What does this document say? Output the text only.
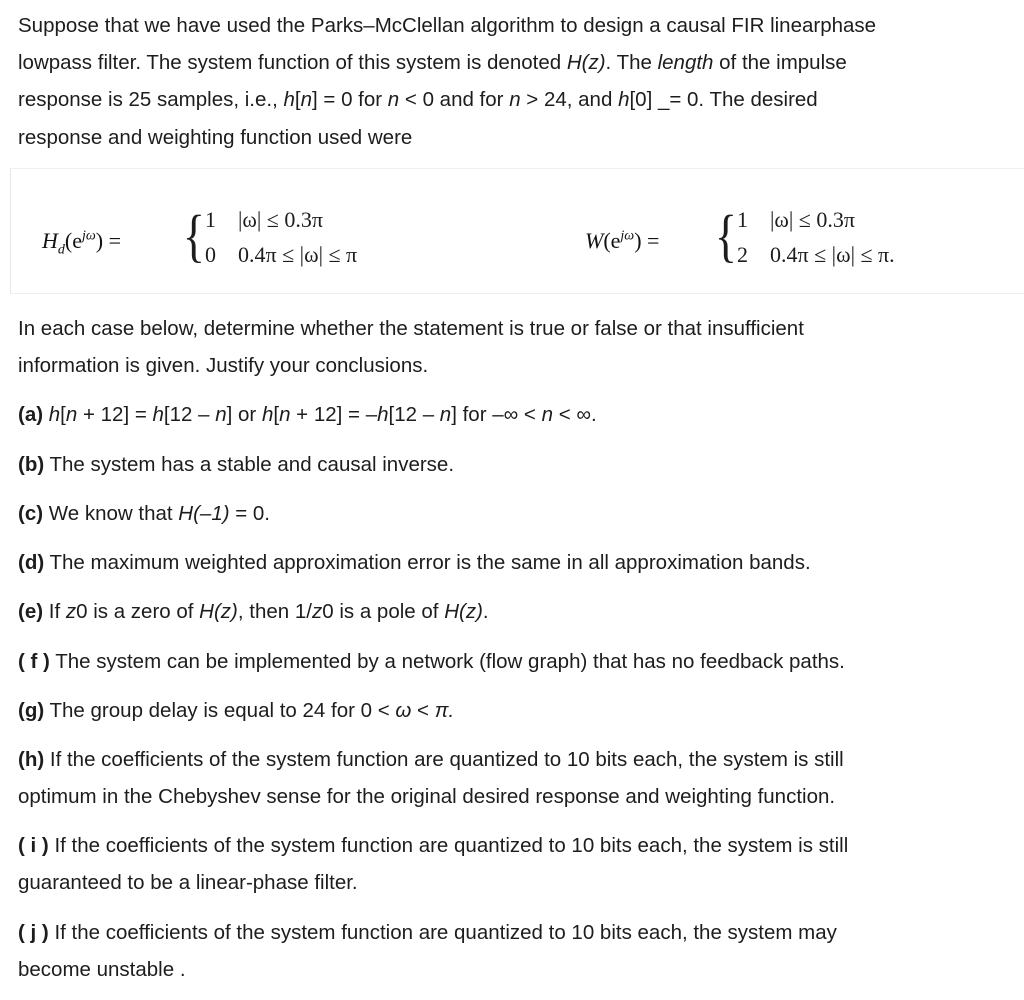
Suppose that we have used the Parks–McClellan algorithm to design a causal FIR linearphase
lowpass filter. The system function of this system is denoted H(z). The length of the impulse
response is 25 samples, i.e., h[n] = 0 for n < 0 and for n > 24, and h[0] _= 0. The desired
response and weighting function used were
$H_d(e^{j\omega})$ = { 1 |ω| ≤ 0.3π
0 0.4π ≤ |ω| ≤ π
$W(e^{j\omega})$ = { 1 |ω| ≤ 0.3π
2 0.4π ≤ |ω| ≤ π.
In each case below, determine whether the statement is true or false or that insufficient
information is given. Justify your conclusions.
(a) h[n + 12] = h[12 – n] or h[n + 12] = –h[12 – n] for –∞ < n < ∞.
(b) The system has a stable and causal inverse.
(c) We know that H(–1) = 0.
(d) The maximum weighted approximation error is the same in all approximation bands.
(e) If z0 is a zero of H(z), then 1/z0 is a pole of H(z).
( f ) The system can be implemented by a network (flow graph) that has no feedback paths.
(g) The group delay is equal to 24 for 0 < ω < π.
(h) If the coefficients of the system function are quantized to 10 bits each, the system is still
optimum in the Chebyshev sense for the original desired response and weighting function.
( i ) If the coefficients of the system function are quantized to 10 bits each, the system is still
guaranteed to be a linear-phase filter.
( j ) If the coefficients of the system function are quantized to 10 bits each, the system may
become unstable .
